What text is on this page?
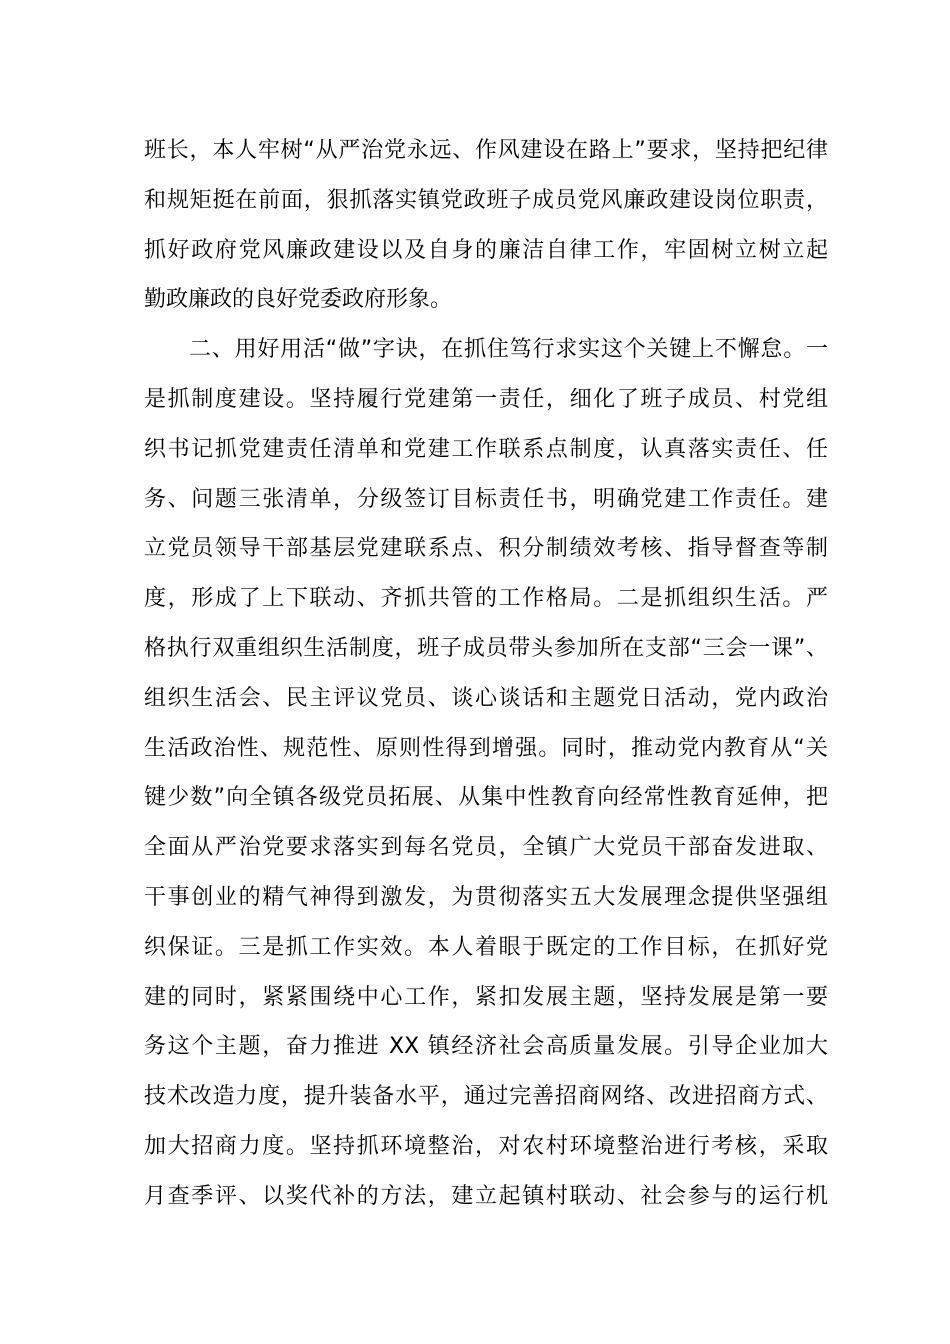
班长，本人牢树“从严治党永远、作风建设在路上”要求，坚持把纪律
和规矩挺在前面，狠抓落实镇党政班子成员党风廉政建设岗位职责，
抓好政府党风廉政建设以及自身的廉洁自律工作，牢固树立树立起
勤政廉政的良好党委政府形象。
二、用好用活“做”字诀，在抓住笃行求实这个关键上不懈怠。一
是抓制度建设。坚持履行党建第一责任，细化了班子成员、村党组
织书记抓党建责任清单和党建工作联系点制度，认真落实责任、任
务、问题三张清单，分级签订目标责任书，明确党建工作责任。建
立党员领导干部基层党建联系点、积分制绩效考核、指导督查等制
度，形成了上下联动、齐抓共管的工作格局。二是抓组织生活。严
格执行双重组织生活制度，班子成员带头参加所在支部“三会一课”、
组织生活会、民主评议党员、谈心谈话和主题党日活动，党内政治
生活政治性、规范性、原则性得到增强。同时，推动党内教育从“关
键少数”向全镇各级党员拓展、从集中性教育向经常性教育延伸，把
全面从严治党要求落实到每名党员，全镇广大党员干部奋发进取、
干事创业的精气神得到激发，为贯彻落实五大发展理念提供坚强组
织保证。三是抓工作实效。本人着眼于既定的工作目标，在抓好党
建的同时，紧紧围绕中心工作，紧扣发展主题，坚持发展是第一要
务这个主题，奋力推进 XX 镇经济社会高质量发展。引导企业加大
技术改造力度，提升装备水平，通过完善招商网络、改进招商方式、
加大招商力度。坚持抓环境整治，对农村环境整治进行考核，采取
月查季评、以奖代补的方法，建立起镇村联动、社会参与的运行机
